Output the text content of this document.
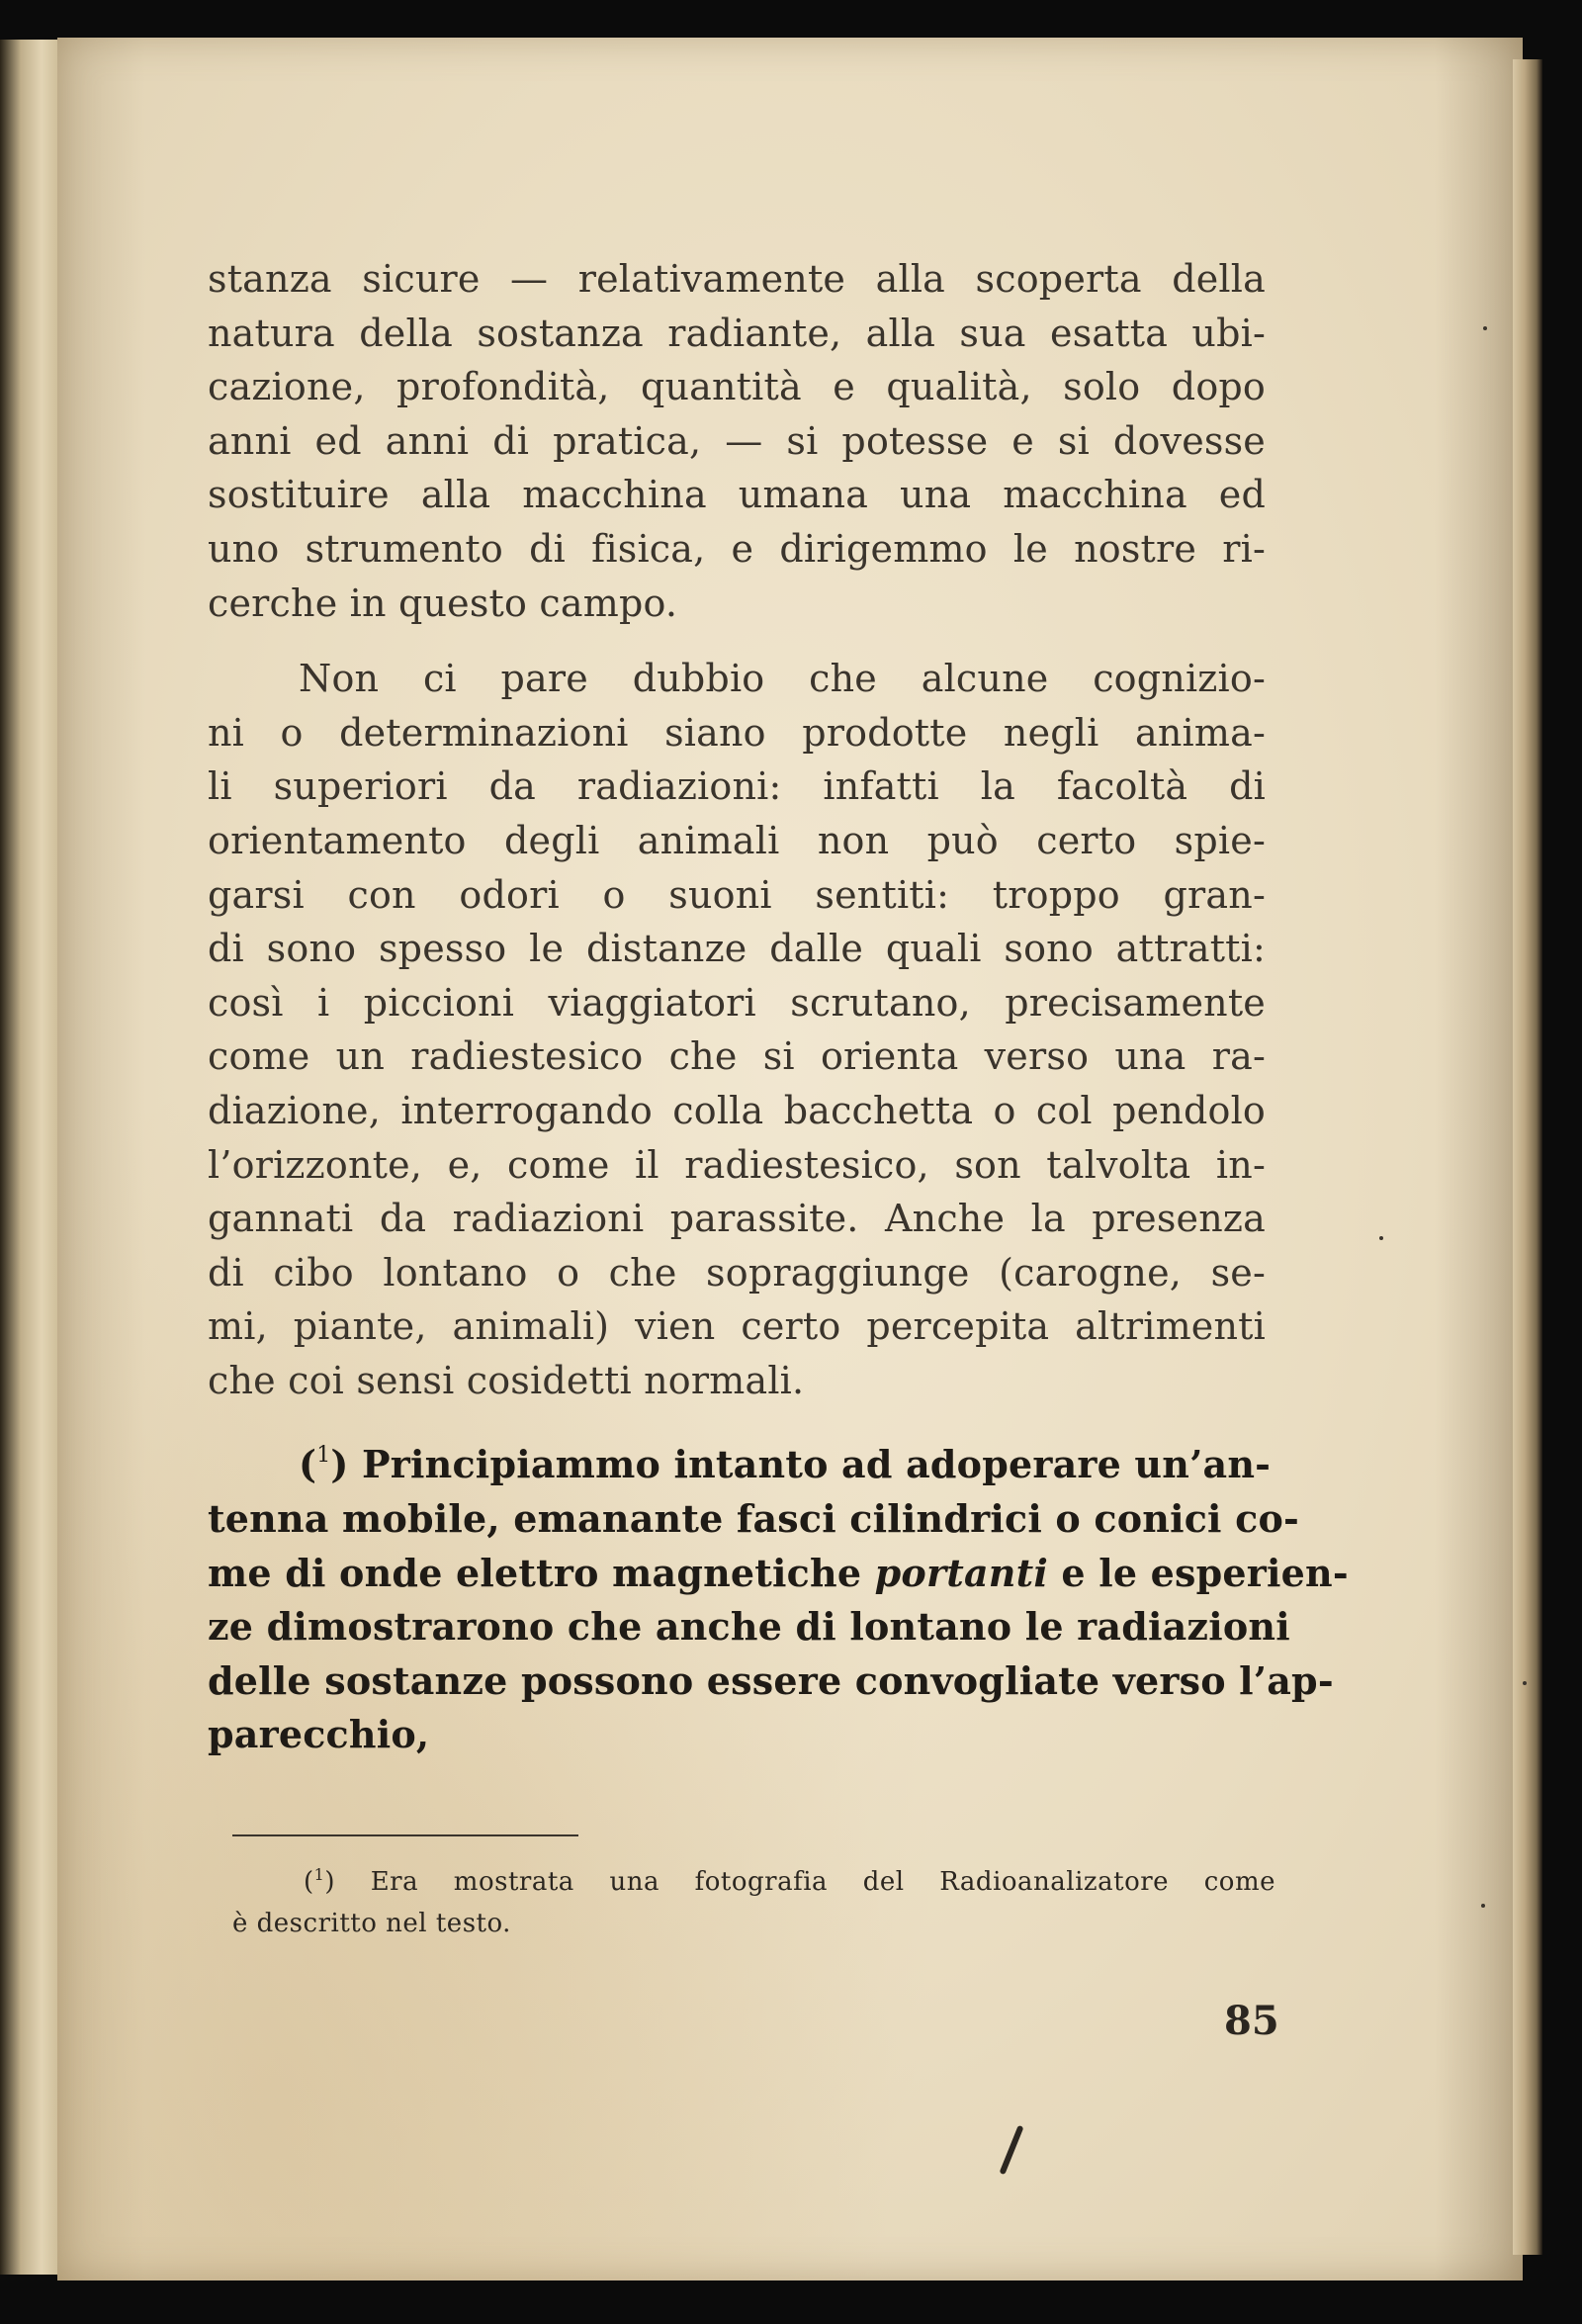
stanza sicure — relativamente alla scoperta della
natura della sostanza radiante, alla sua esatta ubi-
cazione, profondità, quantità e qualità, solo dopo
anni ed anni di pratica, — si potesse e si dovesse
sostituire alla macchina umana una macchina ed
uno strumento di fisica, e dirigemmo le nostre ri-
cerche in questo campo.

Non ci pare dubbio che alcune cognizio-
ni o determinazioni siano prodotte negli anima-
li superiori da radiazioni: infatti la facoltà di
orientamento degli animali non può certo spie-
garsi con odori o suoni sentiti: troppo gran-
di sono spesso le distanze dalle quali sono attratti:
così i piccioni viaggiatori scrutano, precisamente
come un radiestesico che si orienta verso una ra-
diazione, interrogando colla bacchetta o col pendolo
l’orizzonte, e, come il radiestesico, son talvolta in-
gannati da radiazioni parassite. Anche la presenza
di cibo lontano o che sopraggiunge (carogne, se-
mi, piante, animali) vien certo percepita altrimenti
che coi sensi cosidetti normali.

($^1$) Principiammo intanto ad adoperare un’an-
tenna mobile, emanante fasci cilindrici o conici co-
me di onde elettro magnetiche portanti e le esperien-
ze dimostrarono che anche di lontano le radiazioni
delle sostanze possono essere convogliate verso l’ap-
parecchio,

($^1$) Era mostrata una fotografia del Radioanalizatore come
è descritto nel testo.
85
